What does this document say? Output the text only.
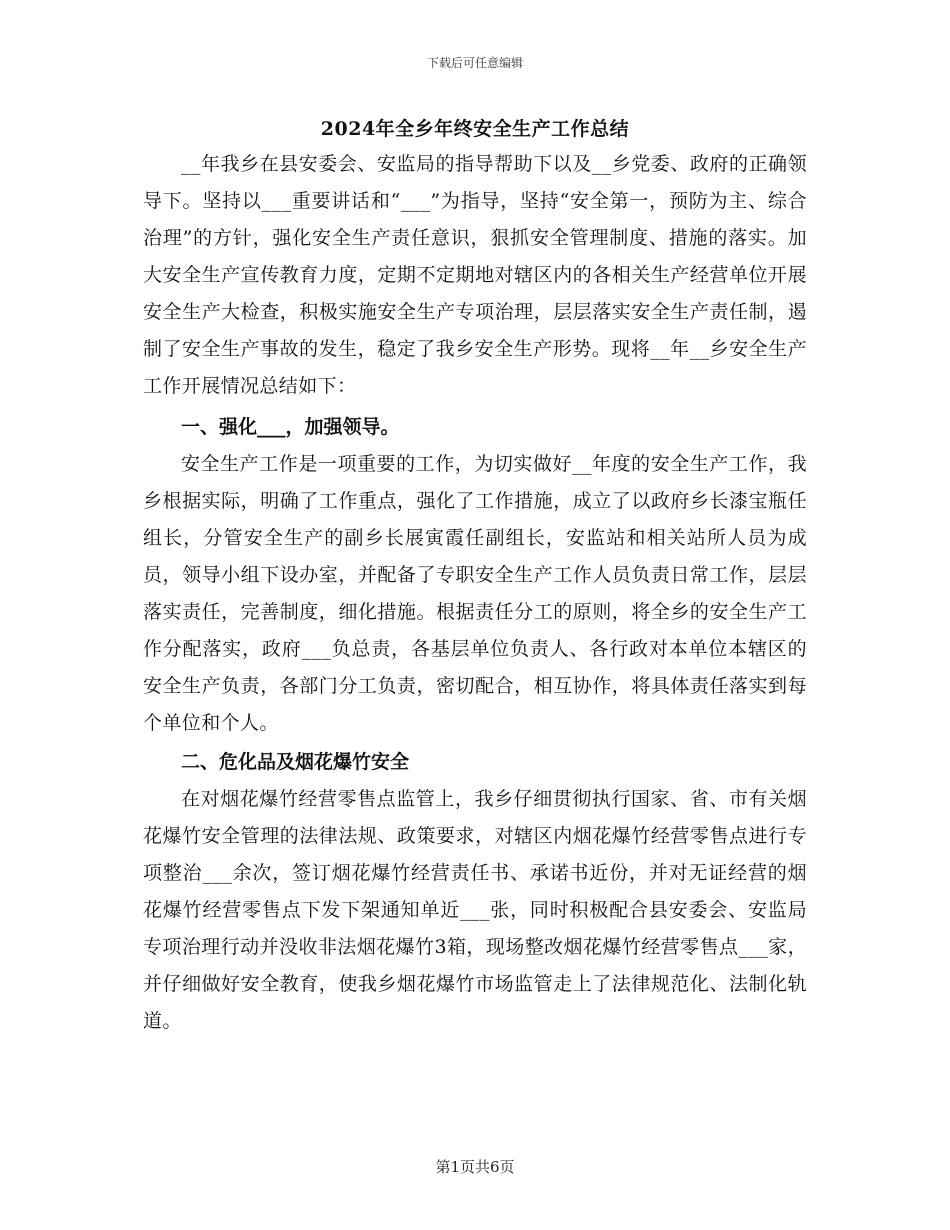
下载后可任意编辑
2024年全乡年终安全生产工作总结

__年我乡在县安委会、安监局的指导帮助下以及__乡党委、政府的正确领导下。坚持以___重要讲话和“___”为指导，坚持“安全第一，预防为主、综合治理”的方针，强化安全生产责任意识，狠抓安全管理制度、措施的落实。加大安全生产宣传教育力度，定期不定期地对辖区内的各相关生产经营单位开展安全生产大检查，积极实施安全生产专项治理，层层落实安全生产责任制，遏制了安全生产事故的发生，稳定了我乡安全生产形势。现将__年__乡安全生产工作开展情况总结如下：

一、强化___，加强领导。

安全生产工作是一项重要的工作，为切实做好__年度的安全生产工作，我乡根据实际，明确了工作重点，强化了工作措施，成立了以政府乡长漆宝瓶任组长，分管安全生产的副乡长展寅霞任副组长，安监站和相关站所人员为成员，领导小组下设办室，并配备了专职安全生产工作人员负责日常工作，层层落实责任，完善制度，细化措施。根据责任分工的原则，将全乡的安全生产工作分配落实，政府___负总责，各基层单位负责人、各行政对本单位本辖区的安全生产负责，各部门分工负责，密切配合，相互协作，将具体责任落实到每个单位和个人。

二、危化品及烟花爆竹安全

在对烟花爆竹经营零售点监管上，我乡仔细贯彻执行国家、省、市有关烟花爆竹安全管理的法律法规、政策要求，对辖区内烟花爆竹经营零售点进行专项整治___余次，签订烟花爆竹经营责任书、承诺书近份，并对无证经营的烟花爆竹经营零售点下发下架通知单近___张，同时积极配合县安委会、安监局专项治理行动并没收非法烟花爆竹3箱，现场整改烟花爆竹经营零售点___家，并仔细做好安全教育，使我乡烟花爆竹市场监管走上了法律规范化、法制化轨道。

第1页共6页
